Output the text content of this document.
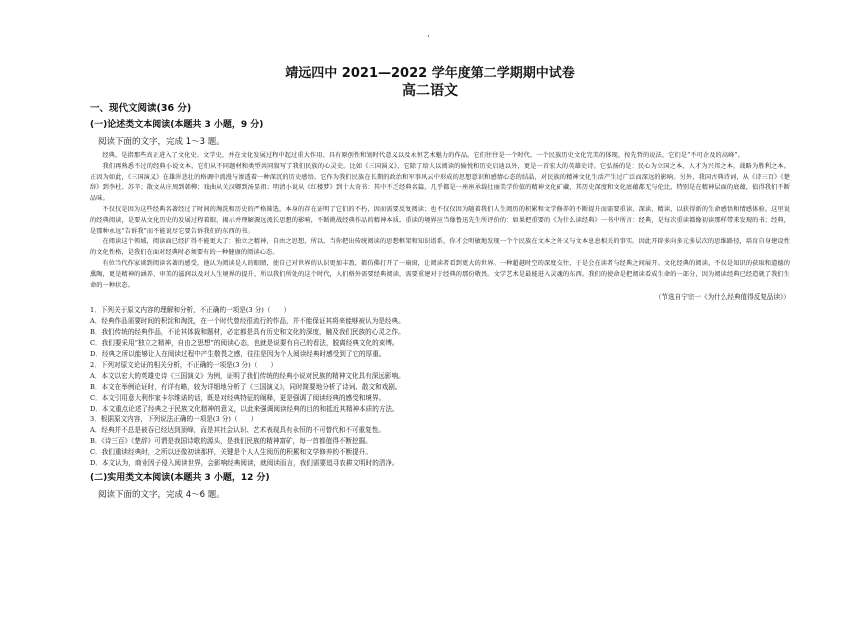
·
靖远四中 2021—2022 学年度第二学期期中试卷
高二语文
一、现代文阅读(36 分)
(一)论述类文本阅读(本题共 3 小题，9 分)
阅读下面的文字，完成 1～3 题。

经典，是指那些真正进入了文化史、文学史，并在文化发展过程中起过重大作用、具有原创性和划时代意义以及永恒艺术魅力的作品。它们往往是一个时代、一个民族历史文化完美的体现，按先哲的说法，它们是“不可企及的高峰”。

我们再熟悉不过的经典小说文本，它们从不同题材和类型共同叙写了我们民族的心灵史。比如《三国演义》，它除了给人以阅读的愉悦和历史启迪以外，更是一首宏大的英雄史诗。它弘扬的是：民心为立国之本，人才为兴邦之本，战略为胜利之本。正因为如此，《三国演义》在雄浑悲壮的格调中流漫与渗透着一种深沉的历史感悟。它作为我们民族在长期的政治和军事风云中形成的思想意识和感情心态的结晶，对民族的精神文化生活产生过广泛而深远的影响。另外，我国古典诗词，从《诗三百》《楚辞》到李杜、苏辛；散文从庄周到韩柳；戏曲从关汉卿到汤显祖；明清小说从《红楼梦》到十大奇书：其中不乏经典名篇，几乎都是一座座承载壮丽美学价值的精神文化矿藏，其历史深度和文化底蕴都无与伦比，特别是在精神层面的底蕴，值得我们不断品味。

不仅仅是因为这些经典名著经过了时间的淘洗和历史的严格筛选，本身的存在证明了它们的不朽，因而需要反复阅读；也不仅仅因为随着我们人生阅历的积累和文学修养的不断提升而需要重读、深读、精读，以获得新的生命感悟和情感体验。这里说的经典阅读，是要从文化历史的发展过程着眼，揭示并理解源远流长思想的影响，不断挑战经典作品的精神本质。重读的境界应当像鲁迅先生所评价的：如果把重要的《为什么读经典》一书中所言：经典，是每次重读都像初读那样带来发现的书；经典，是那种永远“告诉我”而不能说尽它要告诉我们的东西的书。

在阅读这个领域，阅读面已经扩得不能更大了：独立之精神，自由之思想，所以，当你把出传统阅读的思想框架和知识谱系，你才会明敏地发现一个个民族在文本之外又与文本息息相关的事实。因此开辟多向多元多层次的思维路径，培育自身建设性的文化性格，是我们在面对经典时必须要有的一种健康的阅读心态。

有位当代作家谈到阅读名著的感受，他认为阅读是人的眼睛，使自己对世界的认识更加丰盈，都仿佛打开了一扇窗，让阅读者看到更大的世界。一种超越时空的深度交往，于是会在读者与经典之间展开。文化经典的阅读，不仅是知识的获取和道德的熏陶，更是精神的涵养、审美的滋润以及对人生境界的提升，所以我们所处的这个时代，人们格外需要经典阅读，需要重建对于经典的那份敬畏。文学艺术是最能进入灵魂的东西。我们的使命是把阅读看成生命的一部分，因为阅读经典已经造就了我们生命的一种状态。

（节选自宁宗一《为什么经典值得反复品读》）

1．下列关于原文内容的理解和分析，不正确的一项是(3 分)（　　）

A．经典作品需要时间的积淀和淘洗，在一个时代曾经很流行的作品，并不能保证其将来能够被认为是经典。

B．我们传统的经典作品，不论其体裁和题材，必定都是具有历史和文化的深度，触及我们民族的心灵之作。

C．我们要采用“独立之精神，自由之思想”的阅读心态，也就是说要有自己的看法，脱离经典文化的束缚。

D．经典之所以能够让人在阅读过程中产生敬畏之感，往往是因为个人阅读经典时感受到了它的厚重。

2．下列对原文论证的相关分析，不正确的一项是(3 分)（　　）

A．本文以宏大的英雄史诗《三国演义》为例，证明了我们传统的经典小说对民族的精神文化具有深远影响。

B．本文在举例论证时，有详有略，较为详细地分析了《三国演义》，同时简要地分析了诗词、散文和戏剧。

C．本文引用意大利作家卡尔维诺的话，既是对经典特征的阐释，更是强调了阅读经典的感受和境界。

D．本文重点论述了经典之于民族文化精神的意义，以此来强调阅读经典的目的和抵近其精神本质的方法。

3．根据原文内容，下列说法正确的一项是(3 分)（　　）

A．经典并不总是被吞已经达到顶峰，而是其社会认识、艺术表现具有永恒的不可替代和不可重复性。

B．《诗三百》《楚辞》可谓是我国诗歌的源头，是我们民族的精神富矿，每一首都值得不断挖掘。

C．我们重读经典时，之所以还像初读那样，关键是个人人生阅历的积累和文学修养的不断提升。

D．本文认为，商业因子侵入阅读世界，会影响经典阅读，就阅读而言，我们需要追寻农耕文明时的清净。

(二)实用类文本阅读(本题共 3 小题，12 分)
阅读下面的文字，完成 4～6 题。
